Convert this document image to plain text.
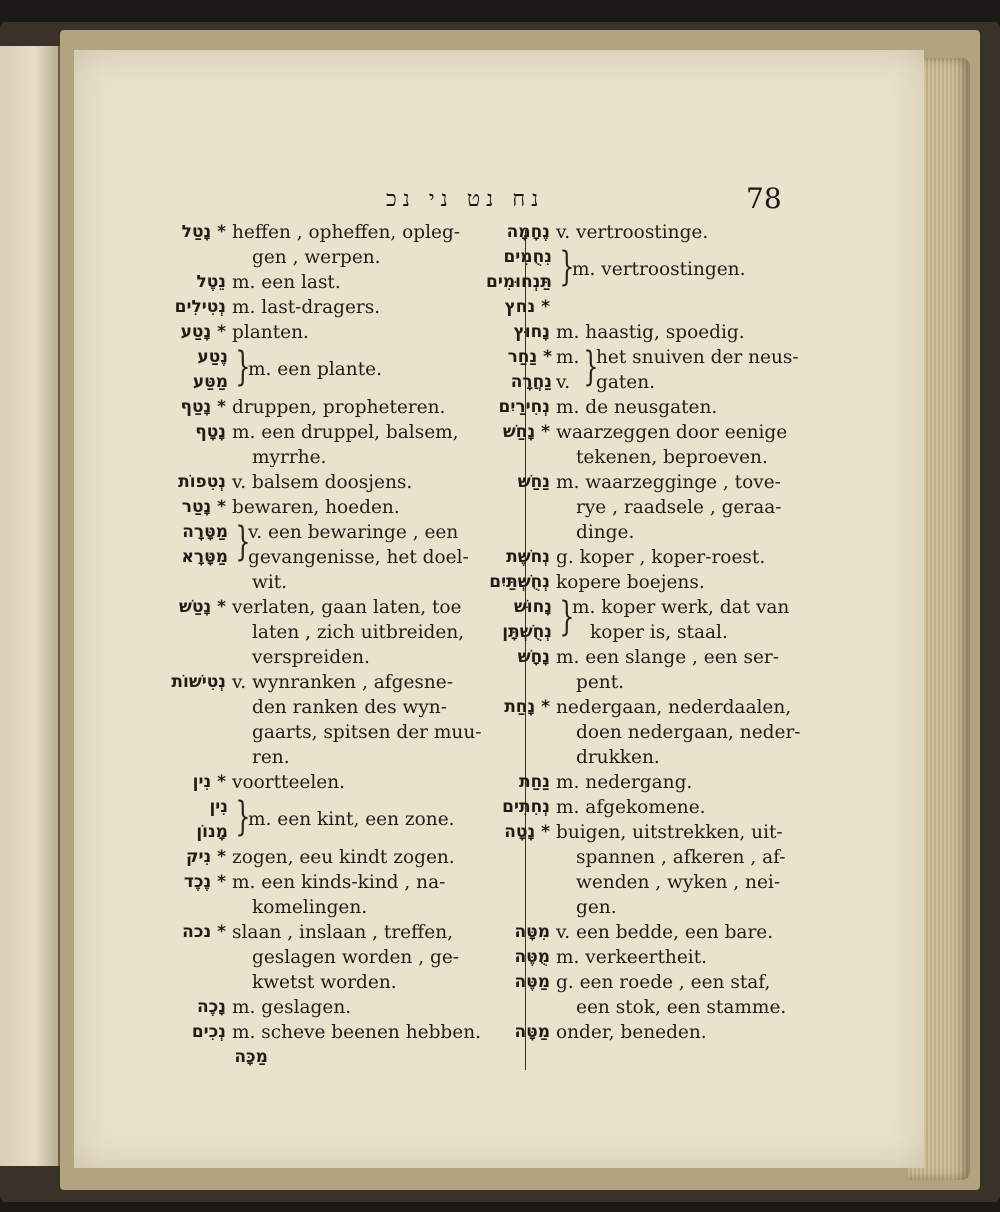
נח נט ני נכ	78
* נָטַל heffen , opheffen, opleg-
gen , werpen.
נֵטֶל m. een last.
נְטִילִים m. last-dragers.
* נָטַע planten.
נֶטַע
מַטַּע }
m. een plante.
* נָטַף druppen, propheteren.
נָטָף m. een druppel, balsem,
myrrhe.
נְטִפוֹת v. balsem doosjens.
* נָטַר bewaren, hoeden.
מַטָּרָה
מַטָּרָא }
v. een bewaringe , een
gevangenisse, het doel-
wit.
* נָטַשׁ verlaten, gaan laten, toe
laten , zich uitbreiden,
verspreiden.
נְטִישׁוֹת v. wynranken , afgesne-
den ranken des wyn-
gaarts, spitsen der muu-
ren.
* נִין voortteelen.
נִין
מָנוֹן }
m. een kint, een zone.
* נִיק zogen, eeu kindt zogen.
* נֶכֶד m. een kinds-kind , na-
komelingen.
* נכה slaan , inslaan , treffen,
geslagen worden , ge-
kwetst worden.
נָכֶה m. geslagen.
נְכִים m. scheve beenen hebben.
מַכָּה
נֶחָמָה v. vertroostinge.
נִחֻמִים
תַּנְחוּמִים }
m. vertroostingen.
* נחץ
נָחוּץ m. haastig, spoedig.
* נַחַר
נַחֲרָה
m.
v. }
het snuiven der neus-
gaten.
נְחִירַיִם m. de neusgaten.
* נָחַשׁ waarzeggen door eenige
tekenen, beproeven.
נַחַשׁ m. waarzegginge , tove-
rye , raadsele , geraa-
dinge.
נְחשֶׁת g. koper , koper-roest.
נְחֻשְׁתַּיִם kopere boejens.
נָחוּשׁ
נְחֻשְׁתָּן }
m. koper werk, dat van
koper is, staal.
נָחָשׁ m. een slange , een ser-
pent.
* נָחַת nedergaan, nederdaalen,
doen nedergaan, neder-
drukken.
נַחַת m. nedergang.
נְחִתִים m. afgekomene.
* נָטָה buigen, uitstrekken, uit-
spannen , afkeren , af-
wenden , wyken , nei-
gen.
מִטָּה v. een bedde, een bare.
מֻטֶּה m. verkeertheit.
מַטֶּה g. een roede , een staf,
een stok, een stamme.
מַטָּה onder, beneden.
